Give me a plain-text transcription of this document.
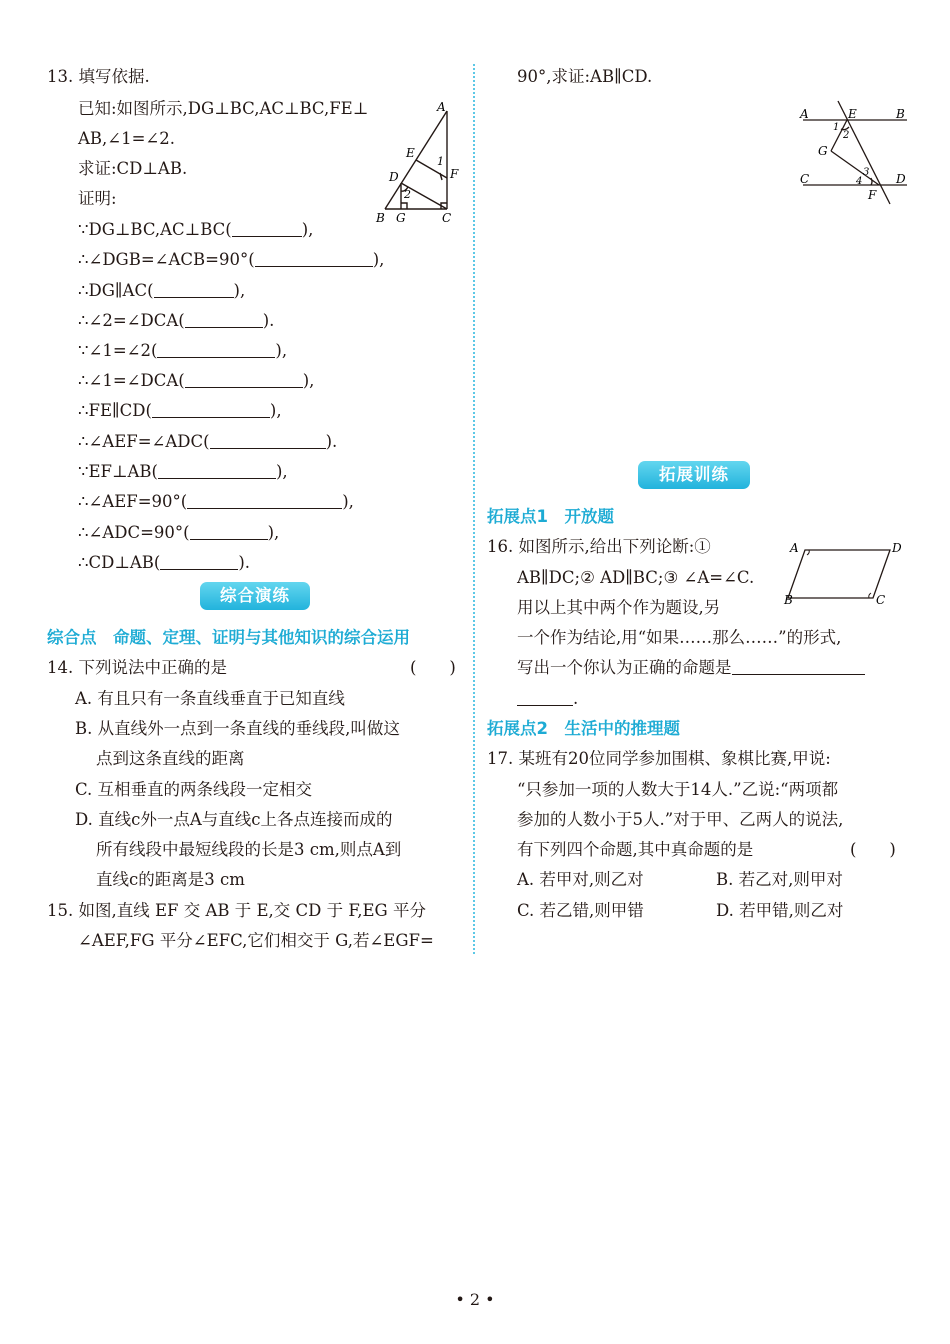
13. 填写依据.
已知:如图所示,DG⊥BC,AC⊥BC,FE⊥
AB,∠1=∠2.
求证:CD⊥AB.
证明:
∵DG⊥BC,AC⊥BC(	),
∴∠DGB=∠ACB=90°(	),
∴DG∥AC(	),
∴∠2=∠DCA(	).
∵∠1=∠2(	),
∴∠1=∠DCA(	),
∴FE∥CD(	),
∴∠AEF=∠ADC(	).
∵EF⊥AB(	),
∴∠AEF=90°(	),
∴∠ADC=90°(	),
∴CD⊥AB(	).
A
E
1
D	F
2
B G	C
综合演练
综合点　命题、定理、证明与其他知识的综合运用
14. 下列说法中正确的是	(　　)
A. 有且只有一条直线垂直于已知直线
B. 从直线外一点到一条直线的垂线段,叫做这
点到这条直线的距离
C. 互相垂直的两条线段一定相交
D. 直线c外一点A与直线c上各点连接而成的
所有线段中最短线段的长是3 cm,则点A到
直线c的距离是3 cm
15. 如图,直线 EF 交 AB 于 E,交 CD 于 F,EG 平分
∠AEF,FG 平分∠EFC,它们相交于 G,若∠EGF=
90°,求证:AB∥CD.
A	E	B
1
2
G
3
C	4	D
F
拓展训练
拓展点1　开放题
16. 如图所示,给出下列论断:①
AB∥DC;② AD∥BC;③ ∠A=∠C.
用以上其中两个作为题设,另
一个作为结论,用“如果……那么……”的形式,
写出一个你认为正确的命题是
.
A	D
B	C
拓展点2　生活中的推理题
17. 某班有20位同学参加围棋、象棋比赛,甲说:
“只参加一项的人数大于14人.”乙说:“两项都
参加的人数小于5人.”对于甲、乙两人的说法,
有下列四个命题,其中真命题的是	(　　)
A. 若甲对,则乙对	B. 若乙对,则甲对
C. 若乙错,则甲错	D. 若甲错,则乙对
• 2 •
